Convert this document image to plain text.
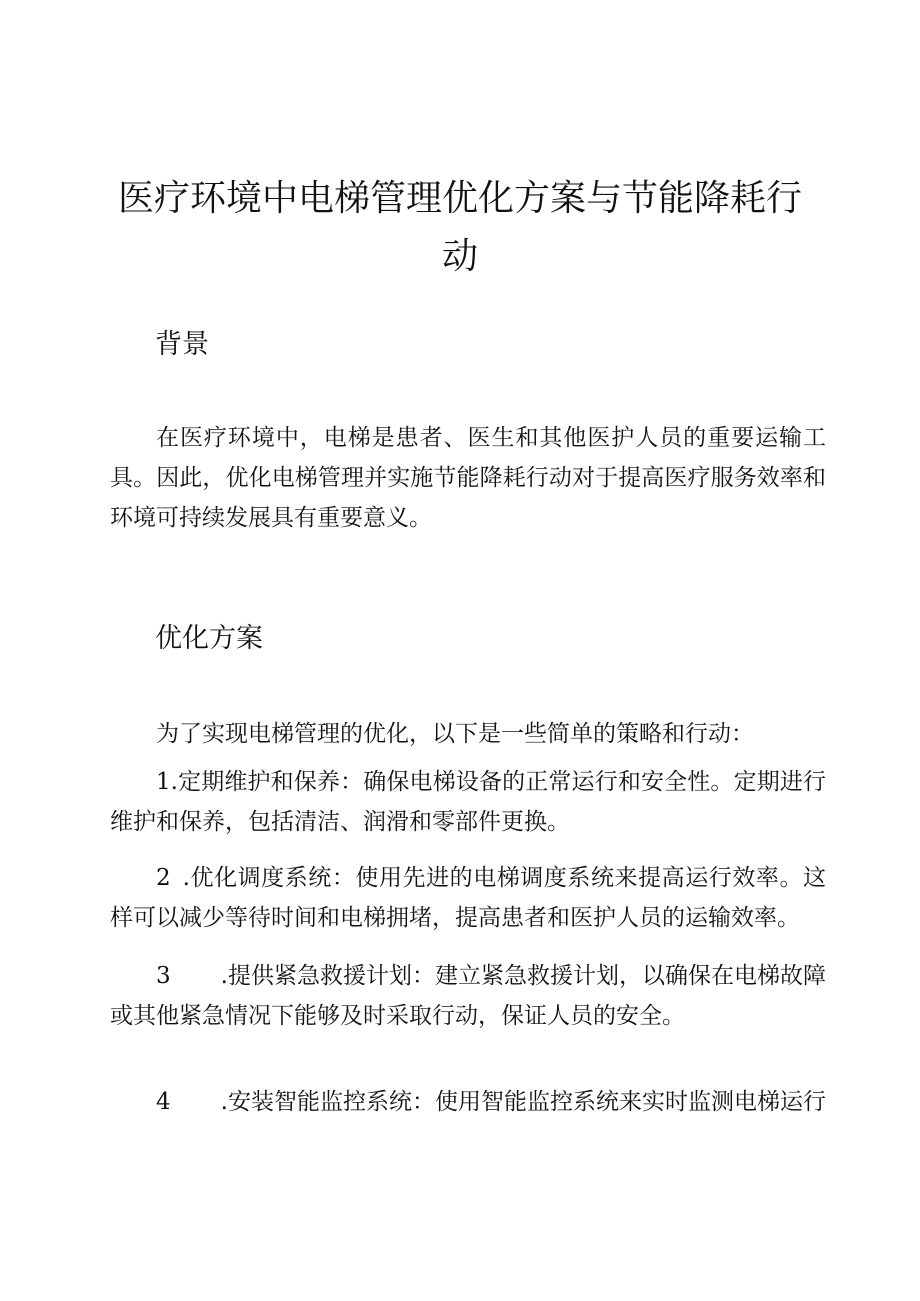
医疗环境中电梯管理优化方案与节能降耗行动
背景

在医疗环境中，电梯是患者、医生和其他医护人员的重要运输工具。因此，优化电梯管理并实施节能降耗行动对于提高医疗服务效率和环境可持续发展具有重要意义。

优化方案

为了实现电梯管理的优化，以下是一些简单的策略和行动：

1.定期维护和保养：确保电梯设备的正常运行和安全性。定期进行维护和保养，包括清洁、润滑和零部件更换。

2 .优化调度系统：使用先进的电梯调度系统来提高运行效率。这样可以减少等待时间和电梯拥堵，提高患者和医护人员的运输效率。

3 .提供紧急救援计划：建立紧急救援计划，以确保在电梯故障或其他紧急情况下能够及时采取行动，保证人员的安全。

4 .安装智能监控系统：使用智能监控系统来实时监测电梯运行
